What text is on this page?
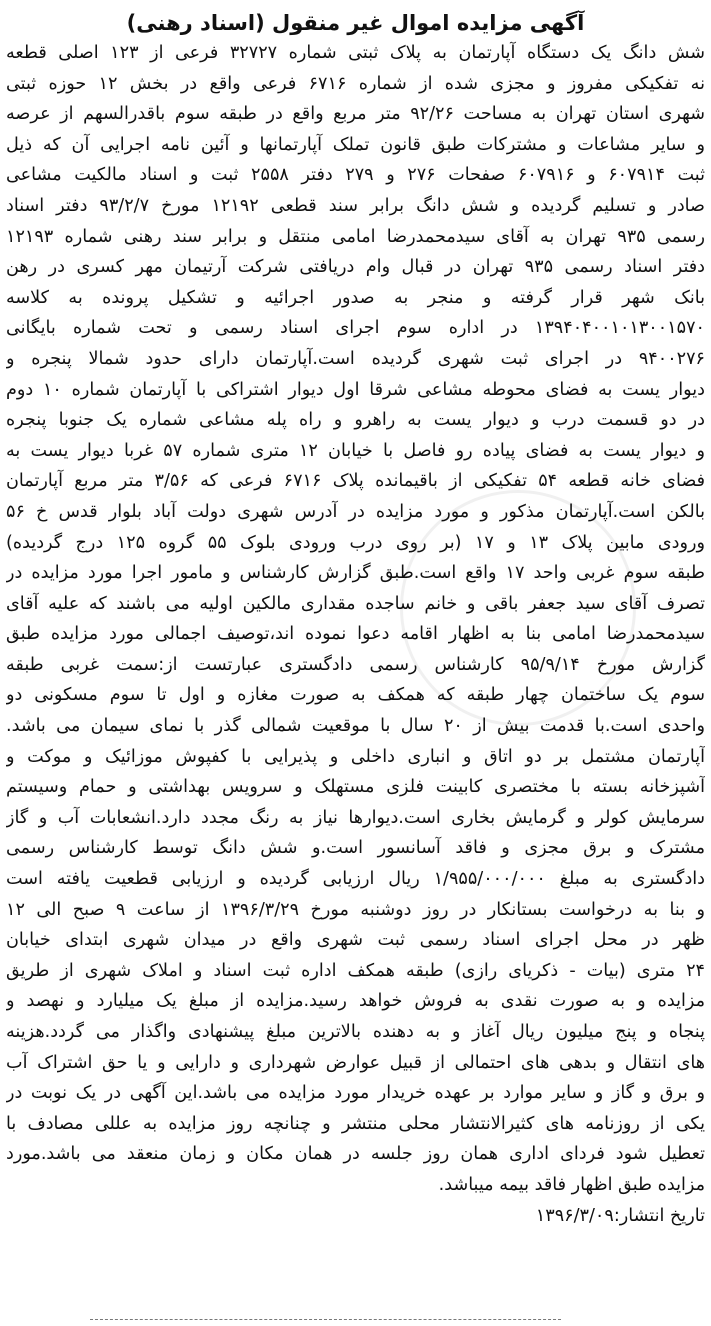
آگهی مزایده اموال غیر منقول (اسناد رهنی)
شش دانگ یک دستگاه آپارتمان به پلاک ثبتی شماره ۳۲۷۲۷ فرعی از ۱۲۳ اصلی قطعه
نه تفکیکی مفروز و مجزی شده از شماره ۶۷۱۶ فرعی واقع در بخش ۱۲ حوزه ثبتی
شهری استان تهران به مساحت ۹۲/۲۶ متر مربع واقع در طبقه سوم باقدرالسهم از عرصه
و سایر مشاعات و مشترکات طبق قانون تملک آپارتمانها و آئین نامه اجرایی آن که ذیل
ثبت ۶۰۷۹۱۴ و ۶۰۷۹۱۶ صفحات ۲۷۶ و ۲۷۹ دفتر ۲۵۵۸ ثبت و اسناد مالکیت مشاعی
صادر و تسلیم گردیده و شش دانگ برابر سند قطعی ۱۲۱۹۲ مورخ ۹۳/۲/۷ دفتر اسناد
رسمی ۹۳۵ تهران به آقای سیدمحمدرضا امامی منتقل و برابر سند رهنی شماره ۱۲۱۹۳
دفتر اسناد رسمی ۹۳۵ تهران در قبال وام دریافتی شرکت آرتیمان مهر کسری در رهن
بانک شهر قرار گرفته و منجر به صدور اجرائیه و تشکیل پرونده به کلاسه
۱۳۹۴۰۴۰۰۱۰۱۳۰۰۱۵۷۰ در اداره سوم اجرای اسناد رسمی و تحت شماره بایگانی
۹۴۰۰۲۷۶ در اجرای ثبت شهری گردیده است.آپارتمان دارای حدود شمالا پنجره و
دیوار یست به فضای محوطه مشاعی شرقا اول دیوار اشتراکی با آپارتمان شماره ۱۰ دوم
در دو قسمت درب و دیوار یست به راهرو و راه پله مشاعی شماره یک جنوبا پنجره
و دیوار یست به فضای پیاده رو فاصل با خیابان ۱۲ متری شماره ۵۷ غربا دیوار یست به
فضای خانه قطعه ۵۴ تفکیکی از باقیمانده پلاک ۶۷۱۶ فرعی که ۳/۵۶ متر مربع آپارتمان
بالکن است.آپارتمان مذکور و مورد مزایده در آدرس شهری دولت آباد بلوار قدس خ ۵۶
ورودی مابین پلاک ۱۳ و ۱۷ (بر روی درب ورودی بلوک ۵۵ گروه ۱۲۵ درج گردیده)
طبقه سوم غربی واحد ۱۷ واقع است.طبق گزارش کارشناس و مامور اجرا مورد مزایده در
تصرف آقای سید جعفر باقی و خانم ساجده مقداری مالکین اولیه می باشند که علیه آقای
سیدمحمدرضا امامی بنا به اظهار اقامه دعوا نموده اند،توصیف اجمالی مورد مزایده طبق
گزارش مورخ ۹۵/۹/۱۴ کارشناس رسمی دادگستری عبارتست از:سمت غربی طبقه
سوم یک ساختمان چهار طبقه که همکف به صورت مغازه و اول تا سوم مسکونی دو
واحدی است.با قدمت بیش از ۲۰ سال با موقعیت شمالی گذر با نمای سیمان می باشد.
آپارتمان مشتمل بر دو اتاق و انباری داخلی و پذیرایی با کفپوش موزائیک و موکت و
آشپزخانه بسته با مختصری کابینت فلزی مستهلک و سرویس بهداشتی و حمام وسیستم
سرمایش کولر و گرمایش بخاری است.دیوارها نیاز به رنگ مجدد دارد.انشعابات آب و گاز
مشترک و برق مجزی و فاقد آسانسور است.و شش دانگ توسط کارشناس رسمی
دادگستری به مبلغ ۱/۹۵۵/۰۰۰/۰۰۰ ریال ارزیابی گردیده و ارزیابی قطعیت یافته است
و بنا به درخواست بستانکار در روز دوشنبه مورخ ۱۳۹۶/۳/۲۹ از ساعت ۹ صبح الی ۱۲
ظهر در محل اجرای اسناد رسمی ثبت شهری واقع در میدان شهری ابتدای خیابان
۲۴ متری (بیات - ذکریای رازی) طبقه همکف اداره ثبت اسناد و املاک شهری از طریق
مزایده و به صورت نقدی به فروش خواهد رسید.مزایده از مبلغ یک میلیارد و نهصد و
پنجاه و پنج میلیون ریال آغاز و به دهنده بالاترین مبلغ پیشنهادی واگذار می گردد.هزینه
های انتقال و بدهی های احتمالی از قبیل عوارض شهرداری و دارایی و یا حق اشتراک آب
و برق و گاز و سایر موارد بر عهده خریدار مورد مزایده می باشد.این آگهی در یک نوبت در
یکی از روزنامه های کثیرالانتشار محلی منتشر و چنانچه روز مزایده به عللی مصادف با
تعطیل شود فردای اداری همان روز جلسه در همان مکان و زمان منعقد می باشد.مورد
مزایده طبق اظهار فاقد بیمه میباشد.
تاریخ انتشار:۱۳۹۶/۳/۰۹
